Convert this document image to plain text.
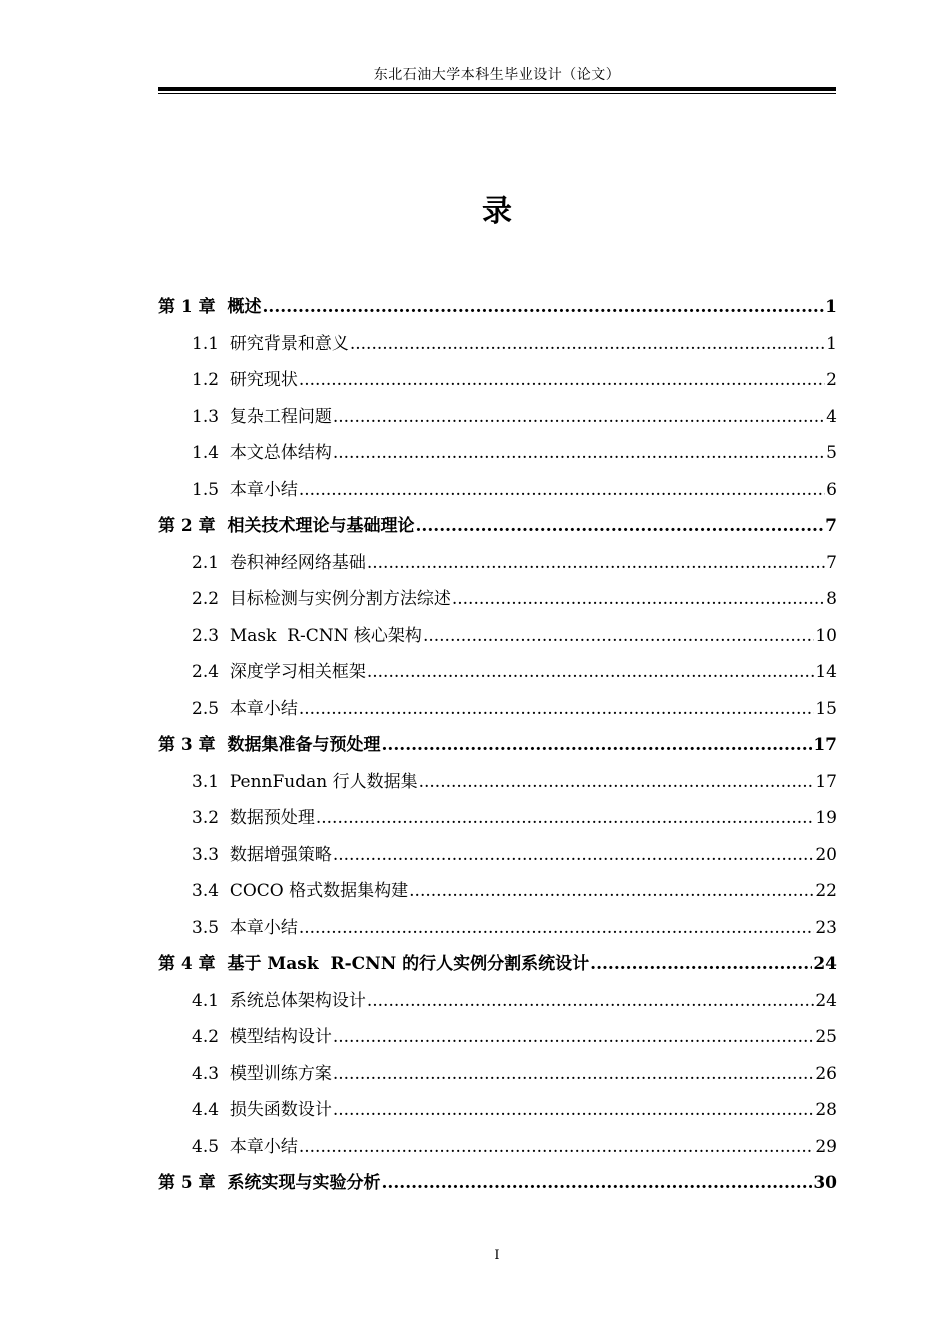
东北石油大学本科生毕业设计（论文）
录
第 1 章  概述 .....	1
1.1  研究背景和意义 .....	1
1.2  研究现状 .....	2
1.3  复杂工程问题 .....	4
1.4  本文总体结构 .....	5
1.5  本章小结 .....	6
第 2 章  相关技术理论与基础理论 .....	7
2.1  卷积神经网络基础 .....	7
2.2  目标检测与实例分割方法综述 .....	8
2.3  Mask  R-CNN 核心架构 .....	10
2.4  深度学习相关框架 .....	14
2.5  本章小结 .....	15
第 3 章  数据集准备与预处理 .....	17
3.1  PennFudan 行人数据集 .....	17
3.2  数据预处理 .....	19
3.3  数据增强策略 .....	20
3.4  COCO 格式数据集构建 .....	22
3.5  本章小结 .....	23
第 4 章  基于 Mask  R-CNN 的行人实例分割系统设计 .....	24
4.1  系统总体架构设计 .....	24
4.2  模型结构设计 .....	25
4.3  模型训练方案 .....	26
4.4  损失函数设计 .....	28
4.5  本章小结 .....	29
第 5 章  系统实现与实验分析 .....	30
I
